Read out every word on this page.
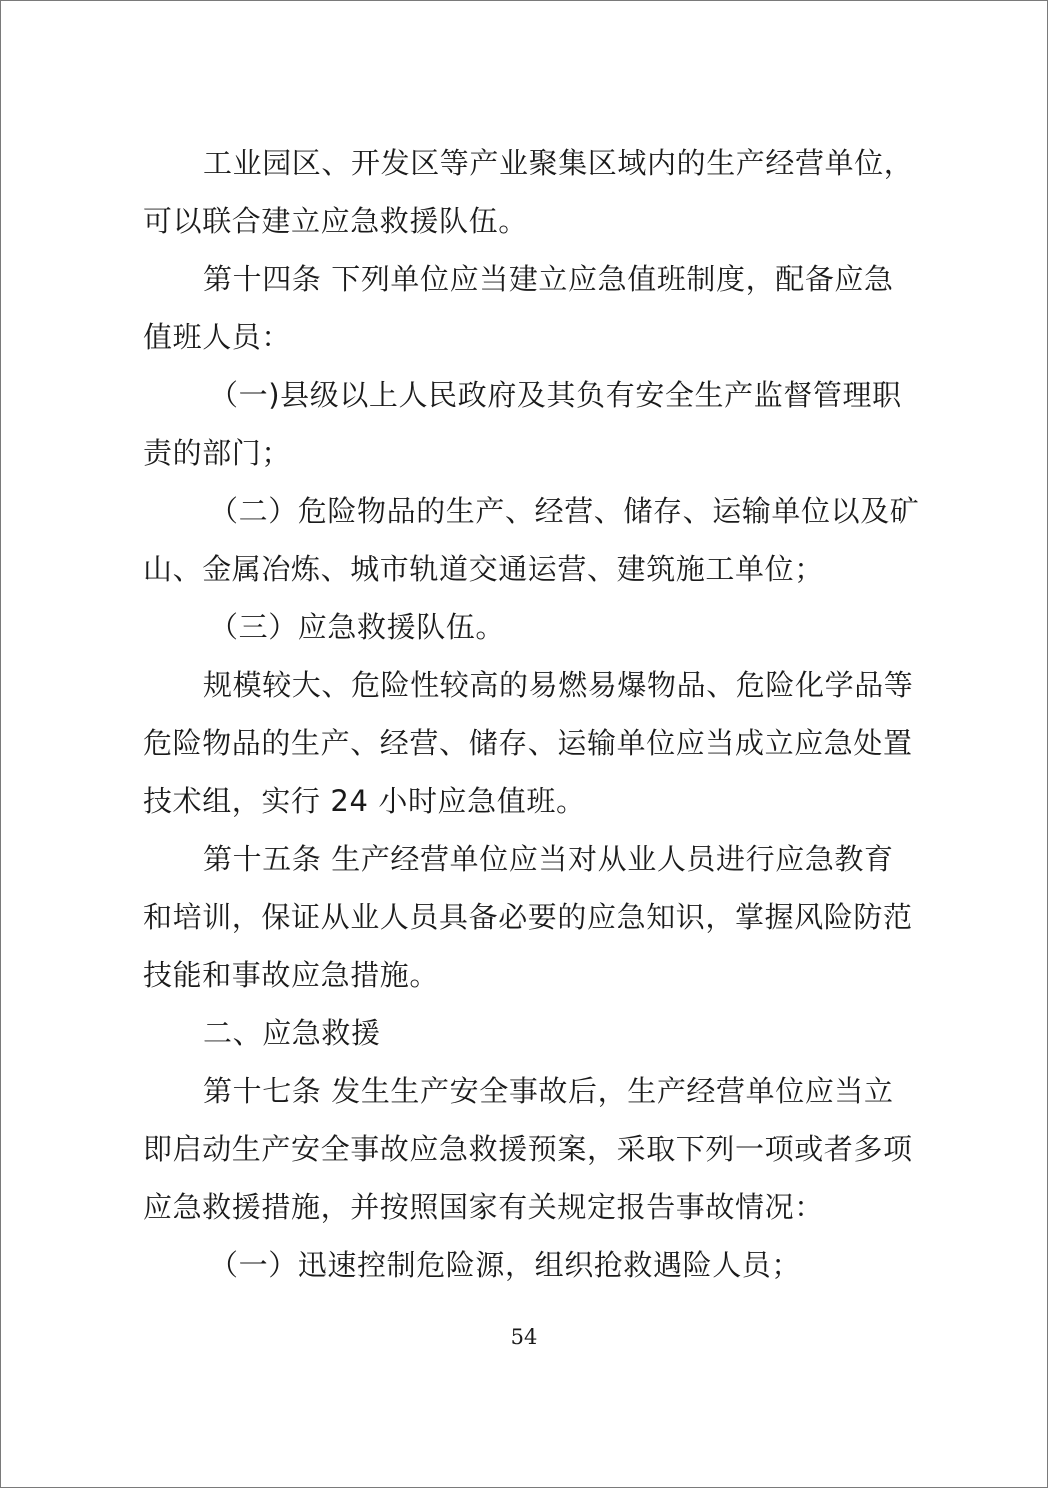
工业园区、开发区等产业聚集区域内的生产经营单位，
可以联合建立应急救援队伍。
第十四条 下列单位应当建立应急值班制度，配备应急
值班人员：
（一)县级以上人民政府及其负有安全生产监督管理职
责的部门；
（二）危险物品的生产、经营、储存、运输单位以及矿
山、金属冶炼、城市轨道交通运营、建筑施工单位；
（三）应急救援队伍。
规模较大、危险性较高的易燃易爆物品、危险化学品等
危险物品的生产、经营、储存、运输单位应当成立应急处置
技术组，实行 24 小时应急值班。
第十五条 生产经营单位应当对从业人员进行应急教育
和培训，保证从业人员具备必要的应急知识，掌握风险防范
技能和事故应急措施。
二、应急救援
第十七条 发生生产安全事故后，生产经营单位应当立
即启动生产安全事故应急救援预案，采取下列一项或者多项
应急救援措施，并按照国家有关规定报告事故情况：
（一）迅速控制危险源，组织抢救遇险人员；
54
